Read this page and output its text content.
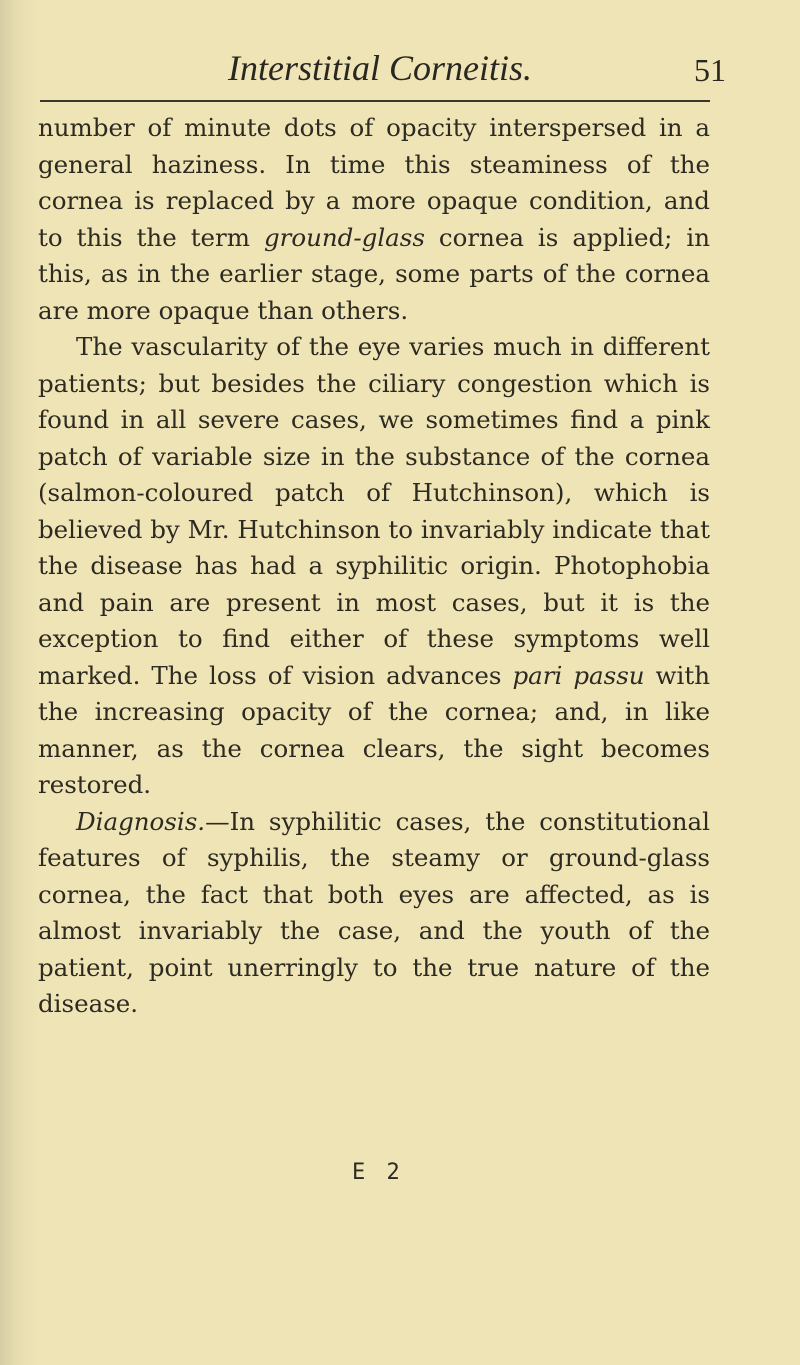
Interstitial Corneitis.	51

number of minute dots of opacity interspersed in a general haziness. In time this steaminess of the cornea is replaced by a more opaque condition, and to this the term ground-glass cornea is applied; in this, as in the earlier stage, some parts of the cornea are more opaque than others.

The vascularity of the eye varies much in different patients; but besides the ciliary congestion which is found in all severe cases, we sometimes find a pink patch of variable size in the substance of the cornea (salmon-coloured patch of Hutchinson), which is believed by Mr. Hutchinson to invariably indicate that the disease has had a syphilitic origin. Photophobia and pain are present in most cases, but it is the exception to find either of these symptoms well marked. The loss of vision advances pari passu with the increasing opacity of the cornea; and, in like manner, as the cornea clears, the sight becomes restored.

Diagnosis.—In syphilitic cases, the constitutional features of syphilis, the steamy or ground-glass cornea, the fact that both eyes are affected, as is almost invariably the case, and the youth of the patient, point unerringly to the true nature of the disease.

E 2
